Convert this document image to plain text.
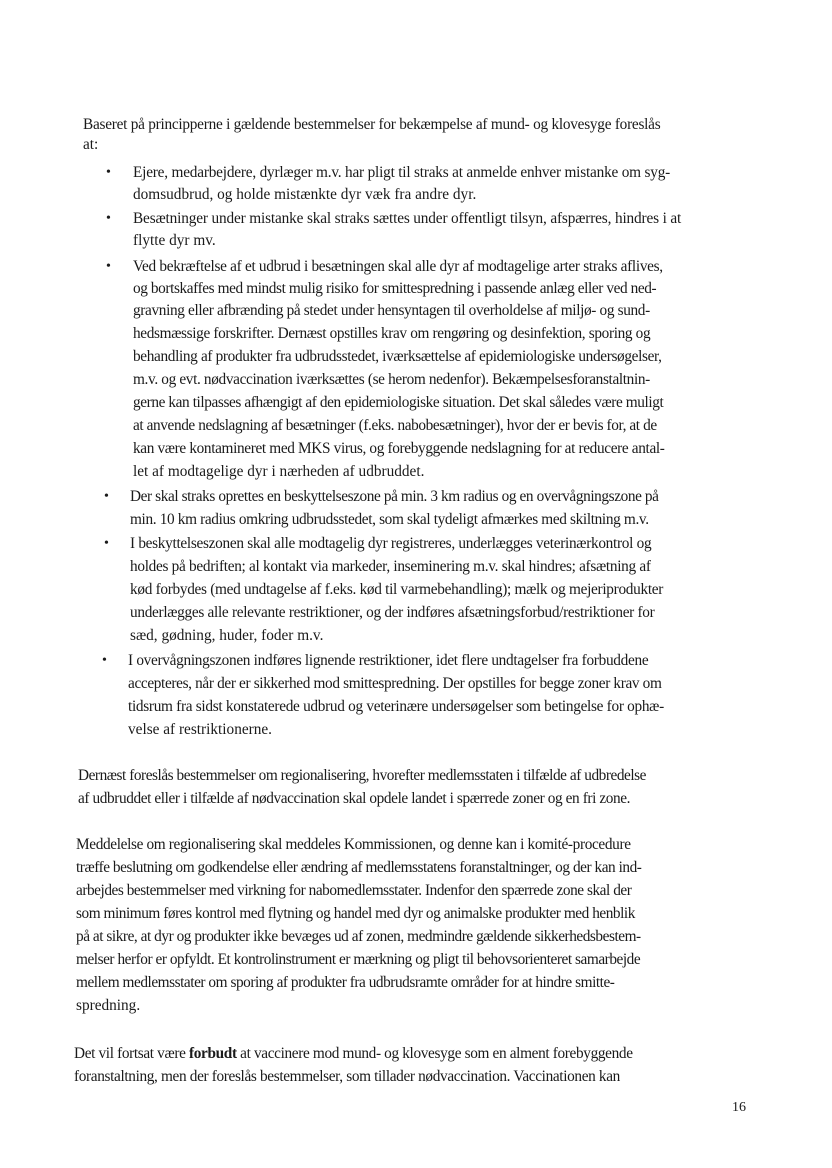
Baseret på principperne i gældende bestemmelser for bekæmpelse af mund- og klovesyge foreslås
at:

• Ejere, medarbejdere, dyrlæger m.v. har pligt til straks at anmelde enhver mistanke om syg-
domsudbrud, og holde mistænkte dyr væk fra andre dyr.
• Besætninger under mistanke skal straks sættes under offentligt tilsyn, afspærres, hindres i at
flytte dyr mv.
• Ved bekræftelse af et udbrud i besætningen skal alle dyr af modtagelige arter straks aflives,
og bortskaffes med mindst mulig risiko for smittespredning i passende anlæg eller ved ned-
gravning eller afbrænding på stedet under hensyntagen til overholdelse af miljø- og sund-
hedsmæssige forskrifter. Dernæst opstilles krav om rengøring og desinfektion, sporing og
behandling af produkter fra udbrudsstedet, iværksættelse af epidemiologiske undersøgelser,
m.v. og evt. nødvaccination iværksættes (se herom nedenfor). Bekæmpelsesforanstaltnin-
gerne kan tilpasses afhængigt af den epidemiologiske situation. Det skal således være muligt
at anvende nedslagning af besætninger (f.eks. nabobesætninger), hvor der er bevis for, at de
kan være kontamineret med MKS virus, og forebyggende nedslagning for at reducere antal-
let af modtagelige dyr i nærheden af udbruddet.
• Der skal straks oprettes en beskyttelseszone på min. 3 km radius og en overvågningszone på
min. 10 km radius omkring udbrudsstedet, som skal tydeligt afmærkes med skiltning m.v.
• I beskyttelseszonen skal alle modtagelig dyr registreres, underlægges veterinærkontrol og
holdes på bedriften; al kontakt via markeder, inseminering m.v. skal hindres; afsætning af
kød forbydes (med undtagelse af f.eks. kød til varmebehandling); mælk og mejeriprodukter
underlægges alle relevante restriktioner, og der indføres afsætningsforbud/restriktioner for
sæd, gødning, huder, foder m.v.
• I overvågningszonen indføres lignende restriktioner, idet flere undtagelser fra forbuddene
accepteres, når der er sikkerhed mod smittespredning. Der opstilles for begge zoner krav om
tidsrum fra sidst konstaterede udbrud og veterinære undersøgelser som betingelse for ophæ-
velse af restriktionerne.

Dernæst foreslås bestemmelser om regionalisering, hvorefter medlemsstaten i tilfælde af udbredelse
af udbruddet eller i tilfælde af nødvaccination skal opdele landet i spærrede zoner og en fri zone.

Meddelelse om regionalisering skal meddeles Kommissionen, og denne kan i komité-procedure
træffe beslutning om godkendelse eller ændring af medlemsstatens foranstaltninger, og der kan ind-
arbejdes bestemmelser med virkning for nabomedlemsstater. Indenfor den spærrede zone skal der
som minimum føres kontrol med flytning og handel med dyr og animalske produkter med henblik
på at sikre, at dyr og produkter ikke bevæges ud af zonen, medmindre gældende sikkerhedsbestem-
melser herfor er opfyldt. Et kontrolinstrument er mærkning og pligt til behovsorienteret samarbejde
mellem medlemsstater om sporing af produkter fra udbrudsramte områder for at hindre smitte-
spredning.

Det vil fortsat være forbudt at vaccinere mod mund- og klovesyge som en alment forebyggende
foranstaltning, men der foreslås bestemmelser, som tillader nødvaccination. Vaccinationen kan

16
